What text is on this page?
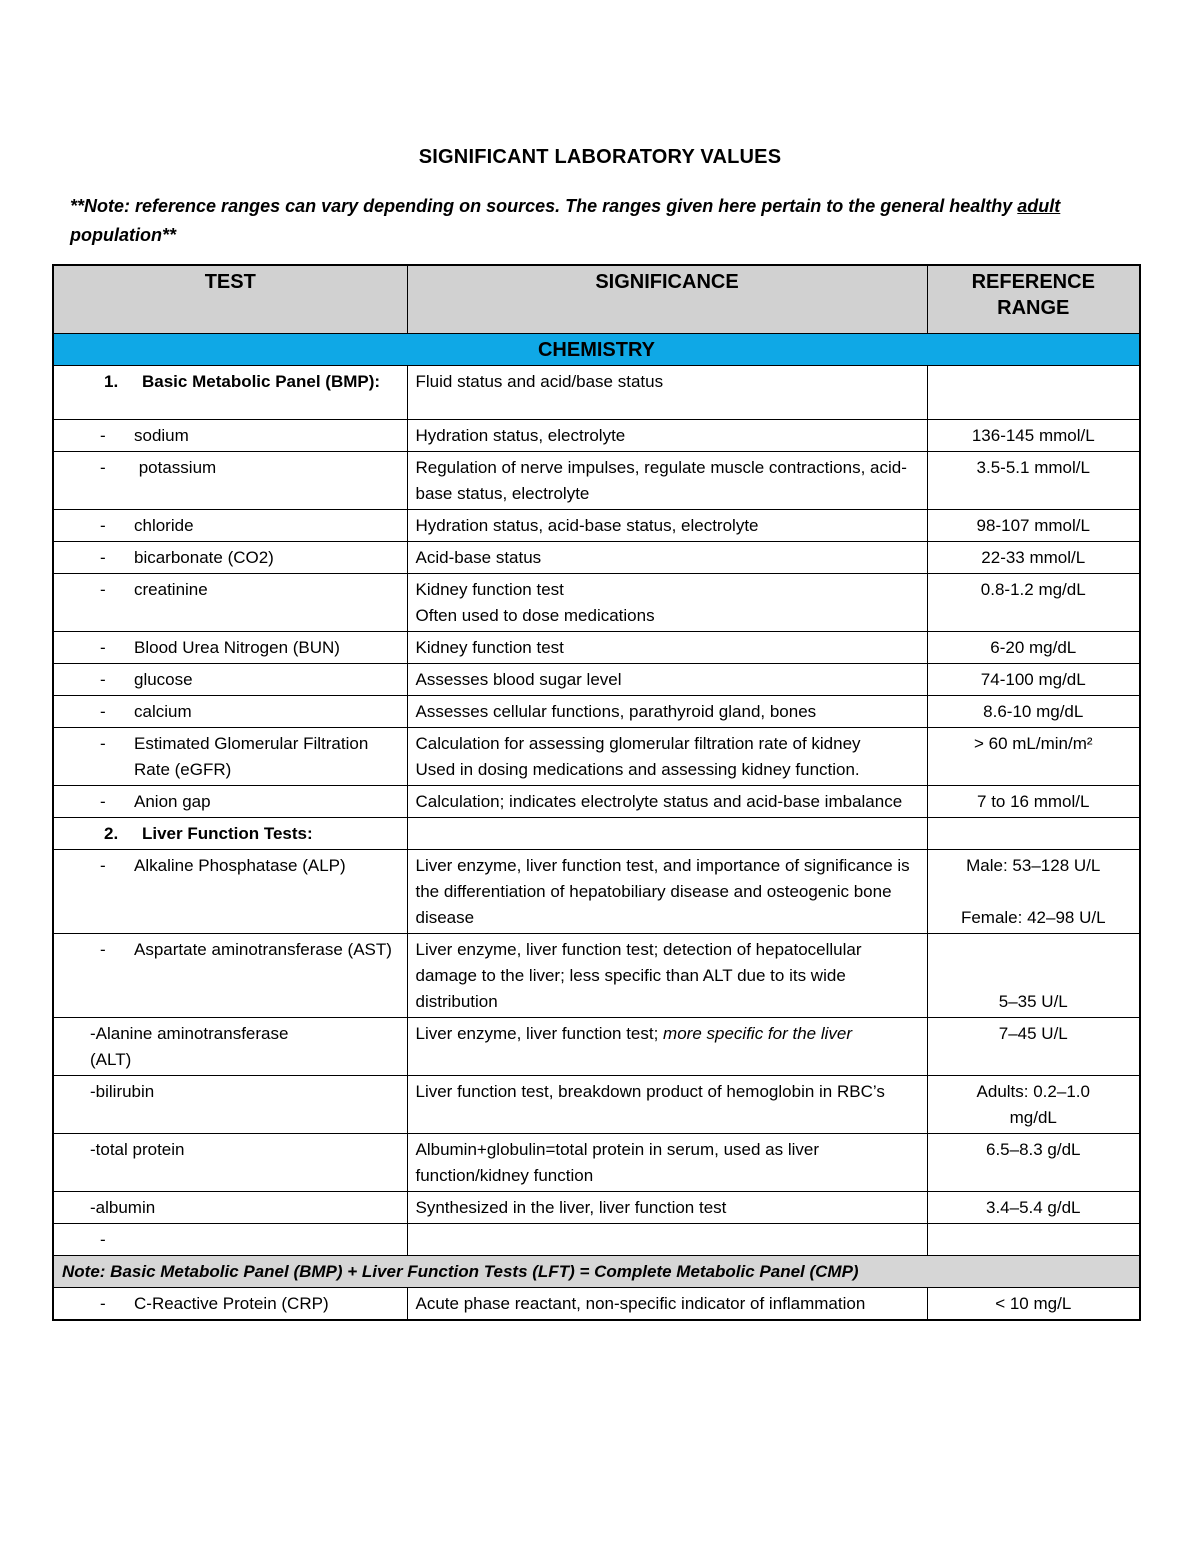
SIGNIFICANT LABORATORY VALUES
**Note: reference ranges can vary depending on sources. The ranges given here pertain to the general healthy adult population**
TEST	SIGNIFICANCE	REFERENCE RANGE
CHEMISTRY		

1. Basic Metabolic Panel (BMP):	Fluid status and acid/base status	

- sodium	Hydration status, electrolyte	136-145 mmol/L

- potassium	Regulation of nerve impulses, regulate muscle contractions, acid-base status, electrolyte	3.5-5.1 mmol/L

- chloride	Hydration status, acid-base status, electrolyte	98-107 mmol/L

- bicarbonate (CO2)	Acid-base status	22-33 mmol/L

- creatinine	Kidney function test
Often used to dose medications	0.8-1.2 mg/dL

- Blood Urea Nitrogen (BUN)	Kidney function test	6-20 mg/dL

- glucose	Assesses blood sugar level	74-100 mg/dL

- calcium	Assesses cellular functions, parathyroid gland, bones	8.6-10 mg/dL

- Estimated Glomerular Filtration Rate (eGFR)	Calculation for assessing glomerular filtration rate of kidney
Used in dosing medications and assessing kidney function.	> 60 mL/min/m²

- Anion gap	Calculation; indicates electrolyte status and acid-base imbalance	7 to 16 mmol/L

2. Liver Function Tests:		

- Alkaline Phosphatase (ALP)	Liver enzyme, liver function test, and importance of significance is the differentiation of hepatobiliary disease and osteogenic bone disease	Male: 53–128 U/L

Female: 42–98 U/L

- Aspartate aminotransferase (AST)	Liver enzyme, liver function test; detection of hepatocellular damage to the liver; less specific than ALT due to its wide distribution	5–35 U/L

-Alanine aminotransferase (ALT)	Liver enzyme, liver function test; more specific for the liver	7–45 U/L

-bilirubin	Liver function test, breakdown product of hemoglobin in RBC’s	Adults: 0.2–1.0 mg/dL

-total protein	Albumin+globulin=total protein in serum, used as liver function/kidney function	6.5–8.3 g/dL

-albumin	Synthesized in the liver, liver function test	3.4–5.4 g/dL
-		
Note: Basic Metabolic Panel (BMP) + Liver Function Tests (LFT) = Complete Metabolic Panel (CMP)		

- C-Reactive Protein (CRP)	Acute phase reactant, non-specific indicator of inflammation	< 10 mg/L
